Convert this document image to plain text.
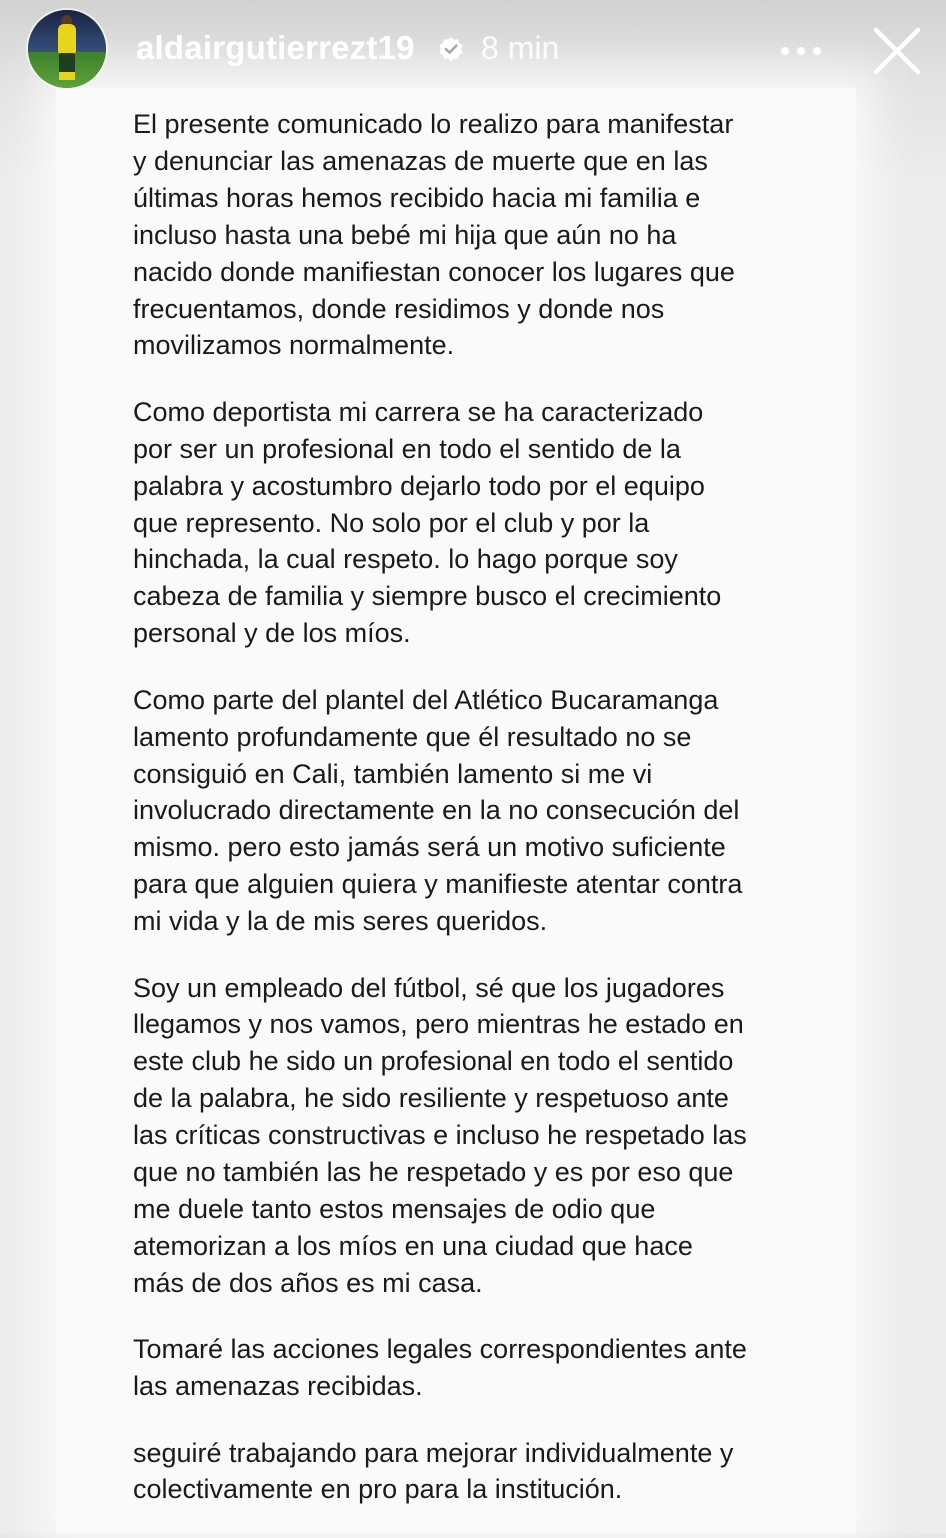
aldairgutierrezt19 8 min

El presente comunicado lo realizo para manifestar
y denunciar las amenazas de muerte que en las
últimas horas hemos recibido hacia mi familia e
incluso hasta una bebé mi hija que aún no ha
nacido donde manifiestan conocer los lugares que
frecuentamos, donde residimos y donde nos
movilizamos normalmente.

Como deportista mi carrera se ha caracterizado
por ser un profesional en todo el sentido de la
palabra y acostumbro dejarlo todo por el equipo
que represento. No solo por el club y por la
hinchada, la cual respeto. lo hago porque soy
cabeza de familia y siempre busco el crecimiento
personal y de los míos.

Como parte del plantel del Atlético Bucaramanga
lamento profundamente que él resultado no se
consiguió en Cali, también lamento si me vi
involucrado directamente en la no consecución del
mismo. pero esto jamás será un motivo suficiente
para que alguien quiera y manifieste atentar contra
mi vida y la de mis seres queridos.

Soy un empleado del fútbol, sé que los jugadores
llegamos y nos vamos, pero mientras he estado en
este club he sido un profesional en todo el sentido
de la palabra, he sido resiliente y respetuoso ante
las críticas constructivas e incluso he respetado las
que no también las he respetado y es por eso que
me duele tanto estos mensajes de odio que
atemorizan a los míos en una ciudad que hace
más de dos años es mi casa.

Tomaré las acciones legales correspondientes ante
las amenazas recibidas.

seguiré trabajando para mejorar individualmente y
colectivamente en pro para la institución.
